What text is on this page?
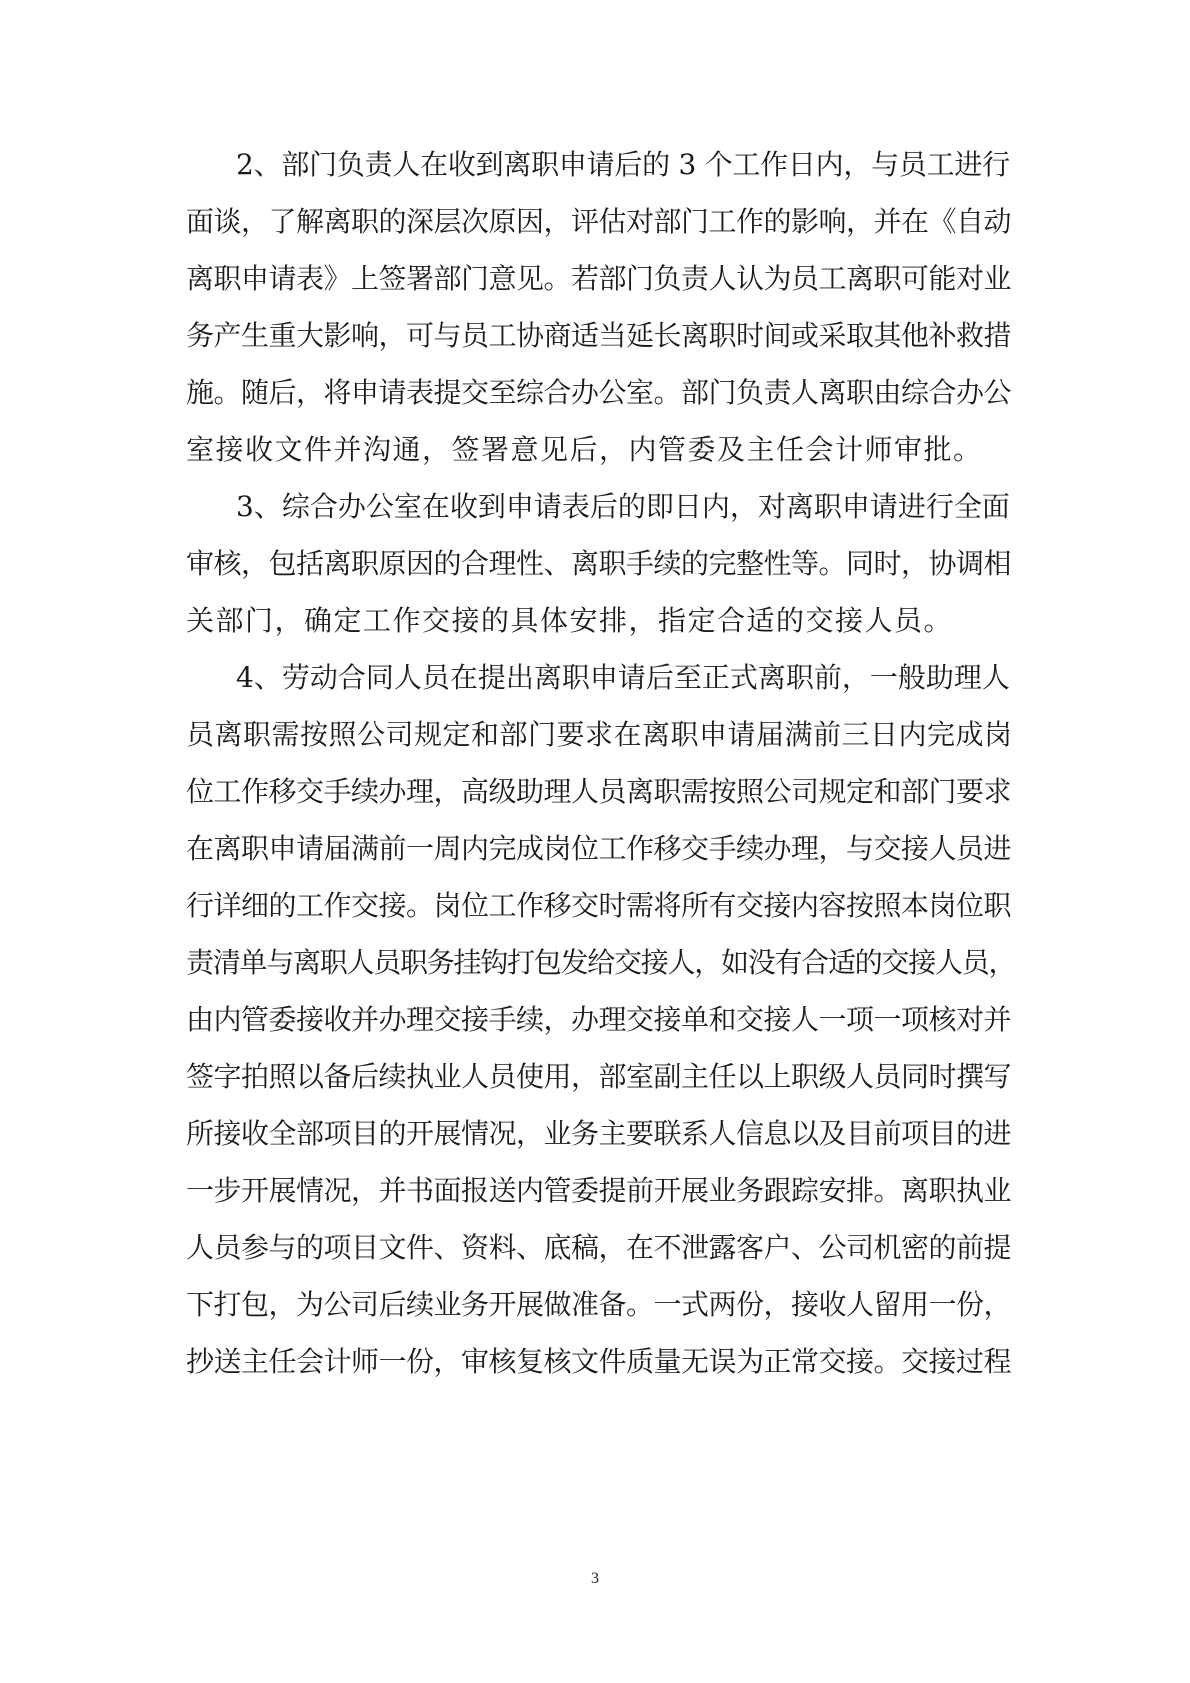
2、部门负责人在收到离职申请后的 3 个工作日内，与员工进行

面谈，了解离职的深层次原因，评估对部门工作的影响，并在《自动

离职申请表》上签署部门意见。若部门负责人认为员工离职可能对业

务产生重大影响，可与员工协商适当延长离职时间或采取其他补救措

施。随后，将申请表提交至综合办公室。部门负责人离职由综合办公

室接收文件并沟通，签署意见后，内管委及主任会计师审批。

3、综合办公室在收到申请表后的即日内，对离职申请进行全面

审核，包括离职原因的合理性、离职手续的完整性等。同时，协调相

关部门，确定工作交接的具体安排，指定合适的交接人员。

4、劳动合同人员在提出离职申请后至正式离职前，一般助理人

员离职需按照公司规定和部门要求在离职申请届满前三日内完成岗

位工作移交手续办理，高级助理人员离职需按照公司规定和部门要求

在离职申请届满前一周内完成岗位工作移交手续办理，与交接人员进

行详细的工作交接。岗位工作移交时需将所有交接内容按照本岗位职

责清单与离职人员职务挂钩打包发给交接人，如没有合适的交接人员，

由内管委接收并办理交接手续，办理交接单和交接人一项一项核对并

签字拍照以备后续执业人员使用，部室副主任以上职级人员同时撰写

所接收全部项目的开展情况，业务主要联系人信息以及目前项目的进

一步开展情况，并书面报送内管委提前开展业务跟踪安排。离职执业

人员参与的项目文件、资料、底稿，在不泄露客户、公司机密的前提

下打包，为公司后续业务开展做准备。一式两份，接收人留用一份，

抄送主任会计师一份，审核复核文件质量无误为正常交接。交接过程

3
